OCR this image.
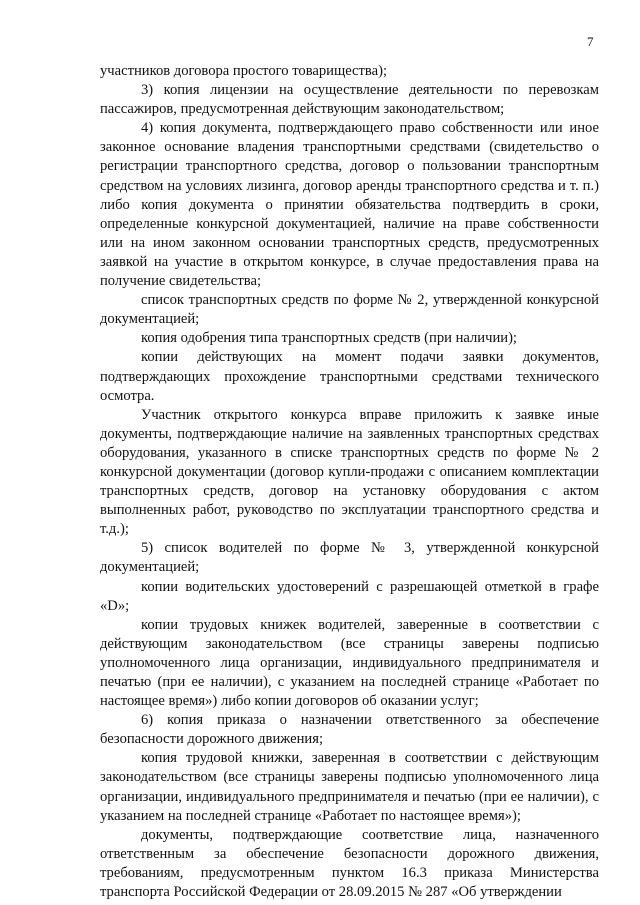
7

участников договора простого товарищества);

3) копия лицензии на осуществление деятельности по перевозкам пассажиров, предусмотренная действующим законодательством;

4) копия документа, подтверждающего право собственности или иное законное основание владения транспортными средствами (свидетельство о регистрации транспортного средства, договор о пользовании транспортным средством на условиях лизинга, договор аренды транспортного средства и т. п.) либо копия документа о принятии обязательства подтвердить в сроки, определенные конкурсной документацией, наличие на праве собственности или на ином законном основании транспортных средств, предусмотренных заявкой на участие в открытом конкурсе, в случае предоставления права на получение свидетельства;

список транспортных средств по форме № 2, утвержденной конкурсной документацией;

копия одобрения типа транспортных средств (при наличии);

копии действующих на момент подачи заявки документов, подтверждающих прохождение транспортными средствами технического осмотра.

Участник открытого конкурса вправе приложить к заявке иные документы, подтверждающие наличие на заявленных транспортных средствах оборудования, указанного в списке транспортных средств по форме № 2 конкурсной документации (договор купли-продажи с описанием комплектации транспортных средств, договор на установку оборудования с актом выполненных работ, руководство по эксплуатации транспортного средства и т.д.);

5) список водителей по форме № 3, утвержденной конкурсной документацией;

копии водительских удостоверений с разрешающей отметкой в графе «D»;

копии трудовых книжек водителей, заверенные в соответствии с действующим законодательством (все страницы заверены подписью уполномоченного лица организации, индивидуального предпринимателя и печатью (при ее наличии), с указанием на последней странице «Работает по настоящее время») либо копии договоров об оказании услуг;

6) копия приказа о назначении ответственного за обеспечение безопасности дорожного движения;

копия трудовой книжки, заверенная в соответствии с действующим законодательством (все страницы заверены подписью уполномоченного лица организации, индивидуального предпринимателя и печатью (при ее наличии), с указанием на последней странице «Работает по настоящее время»);

документы, подтверждающие соответствие лица, назначенного ответственным за обеспечение безопасности дорожного движения, требованиям, предусмотренным пунктом 16.3 приказа Министерства транспорта Российской Федерации от 28.09.2015 № 287 «Об утверждении
